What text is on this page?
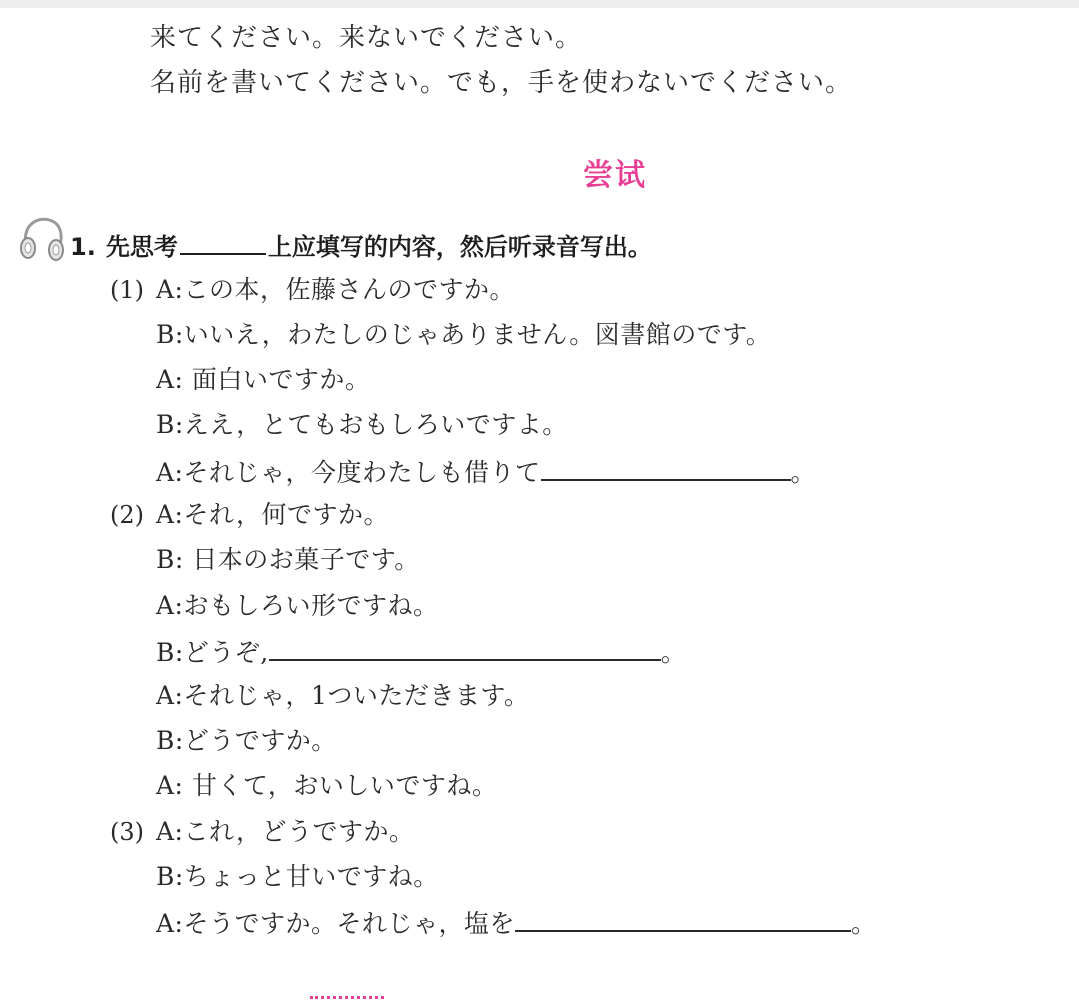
来てください。来ないでください。
名前を書いてください。でも，手を使わないでください。
尝试
1. 先思考	上应填写的内容，然后听录音写出。
(1) A:この本，佐藤さんのですか。
B:いいえ，わたしのじゃありません。図書館のです。
A: 面白いですか。
B:ええ，とてもおもしろいですよ。
A:それじゃ，今度わたしも借りて	。
(2) A:それ，何ですか。
B: 日本のお菓子です。
A:おもしろい形ですね。
B:どうぞ,	。
A:それじゃ，1ついただきます。
B:どうですか。
A: 甘くて，おいしいですね。
(3) A:これ，どうですか。
B:ちょっと甘いですね。
A:そうですか。それじゃ，塩を	。
